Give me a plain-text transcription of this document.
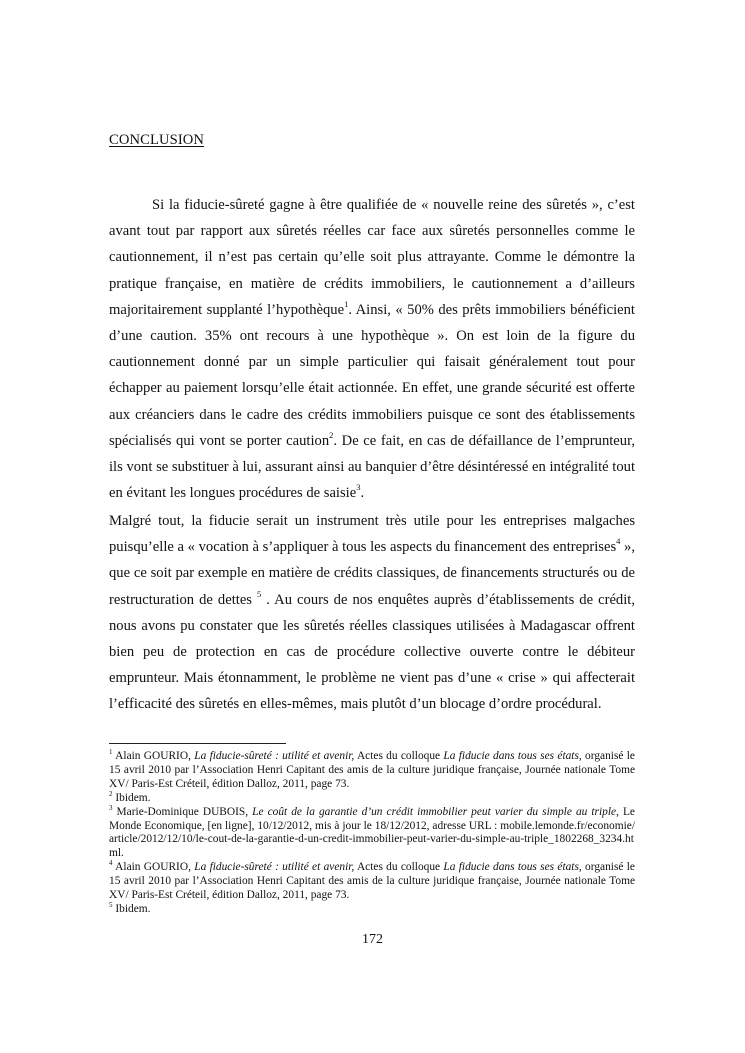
CONCLUSION

Si la fiducie-sûreté gagne à être qualifiée de « nouvelle reine des sûretés », c’est avant tout par rapport aux sûretés réelles car face aux sûretés personnelles comme le cautionnement, il n’est pas certain qu’elle soit plus attrayante. Comme le démontre la pratique française, en matière de crédits immobiliers, le cautionnement a d’ailleurs majoritairement supplanté l’hypothèque$^1$. Ainsi, « 50% des prêts immobiliers bénéficient d’une caution. 35% ont recours à une hypothèque ». On est loin de la figure du cautionnement donné par un simple particulier qui faisait généralement tout pour échapper au paiement lorsqu’elle était actionnée. En effet, une grande sécurité est offerte aux créanciers dans le cadre des crédits immobiliers puisque ce sont des établissements spécialisés qui vont se porter caution$^2$. De ce fait, en cas de défaillance de l’emprunteur, ils vont se substituer à lui, assurant ainsi au banquier d’être désintéressé en intégralité tout en évitant les longues procédures de saisie$^3$.

Malgré tout, la fiducie serait un instrument très utile pour les entreprises malgaches puisqu’elle a « vocation à s’appliquer à tous les aspects du financement des entreprises$^4$ », que ce soit par exemple en matière de crédits classiques, de financements structurés ou de restructuration de dettes $^5$ . Au cours de nos enquêtes auprès d’établissements de crédit, nous avons pu constater que les sûretés réelles classiques utilisées à Madagascar offrent bien peu de protection en cas de procédure collective ouverte contre le débiteur emprunteur. Mais étonnamment, le problème ne vient pas d’une « crise » qui affecterait l’efficacité des sûretés en elles-mêmes, mais plutôt d’un blocage d’ordre procédural.

$^1$ Alain GOURIO, La fiducie-sûreté : utilité et avenir, Actes du colloque La fiducie dans tous ses états, organisé le 15 avril 2010 par l’Association Henri Capitant des amis de la culture juridique française, Journée nationale Tome XV/ Paris-Est Créteil, édition Dalloz, 2011, page 73.

$^2$ Ibidem.

$^3$ Marie-Dominique DUBOIS, Le coût de la garantie d’un crédit immobilier peut varier du simple au triple, Le Monde Economique, [en ligne], 10/12/2012, mis à jour le 18/12/2012, adresse URL : mobile.lemonde.fr/economie/article/2012/12/10/le-cout-de-la-garantie-d-un-credit-immobilier-peut-varier-du-simple-au-triple_1802268_3234.html.

$^4$ Alain GOURIO, La fiducie-sûreté : utilité et avenir, Actes du colloque La fiducie dans tous ses états, organisé le 15 avril 2010 par l’Association Henri Capitant des amis de la culture juridique française, Journée nationale Tome XV/ Paris-Est Créteil, édition Dalloz, 2011, page 73.

$^5$ Ibidem.

172
